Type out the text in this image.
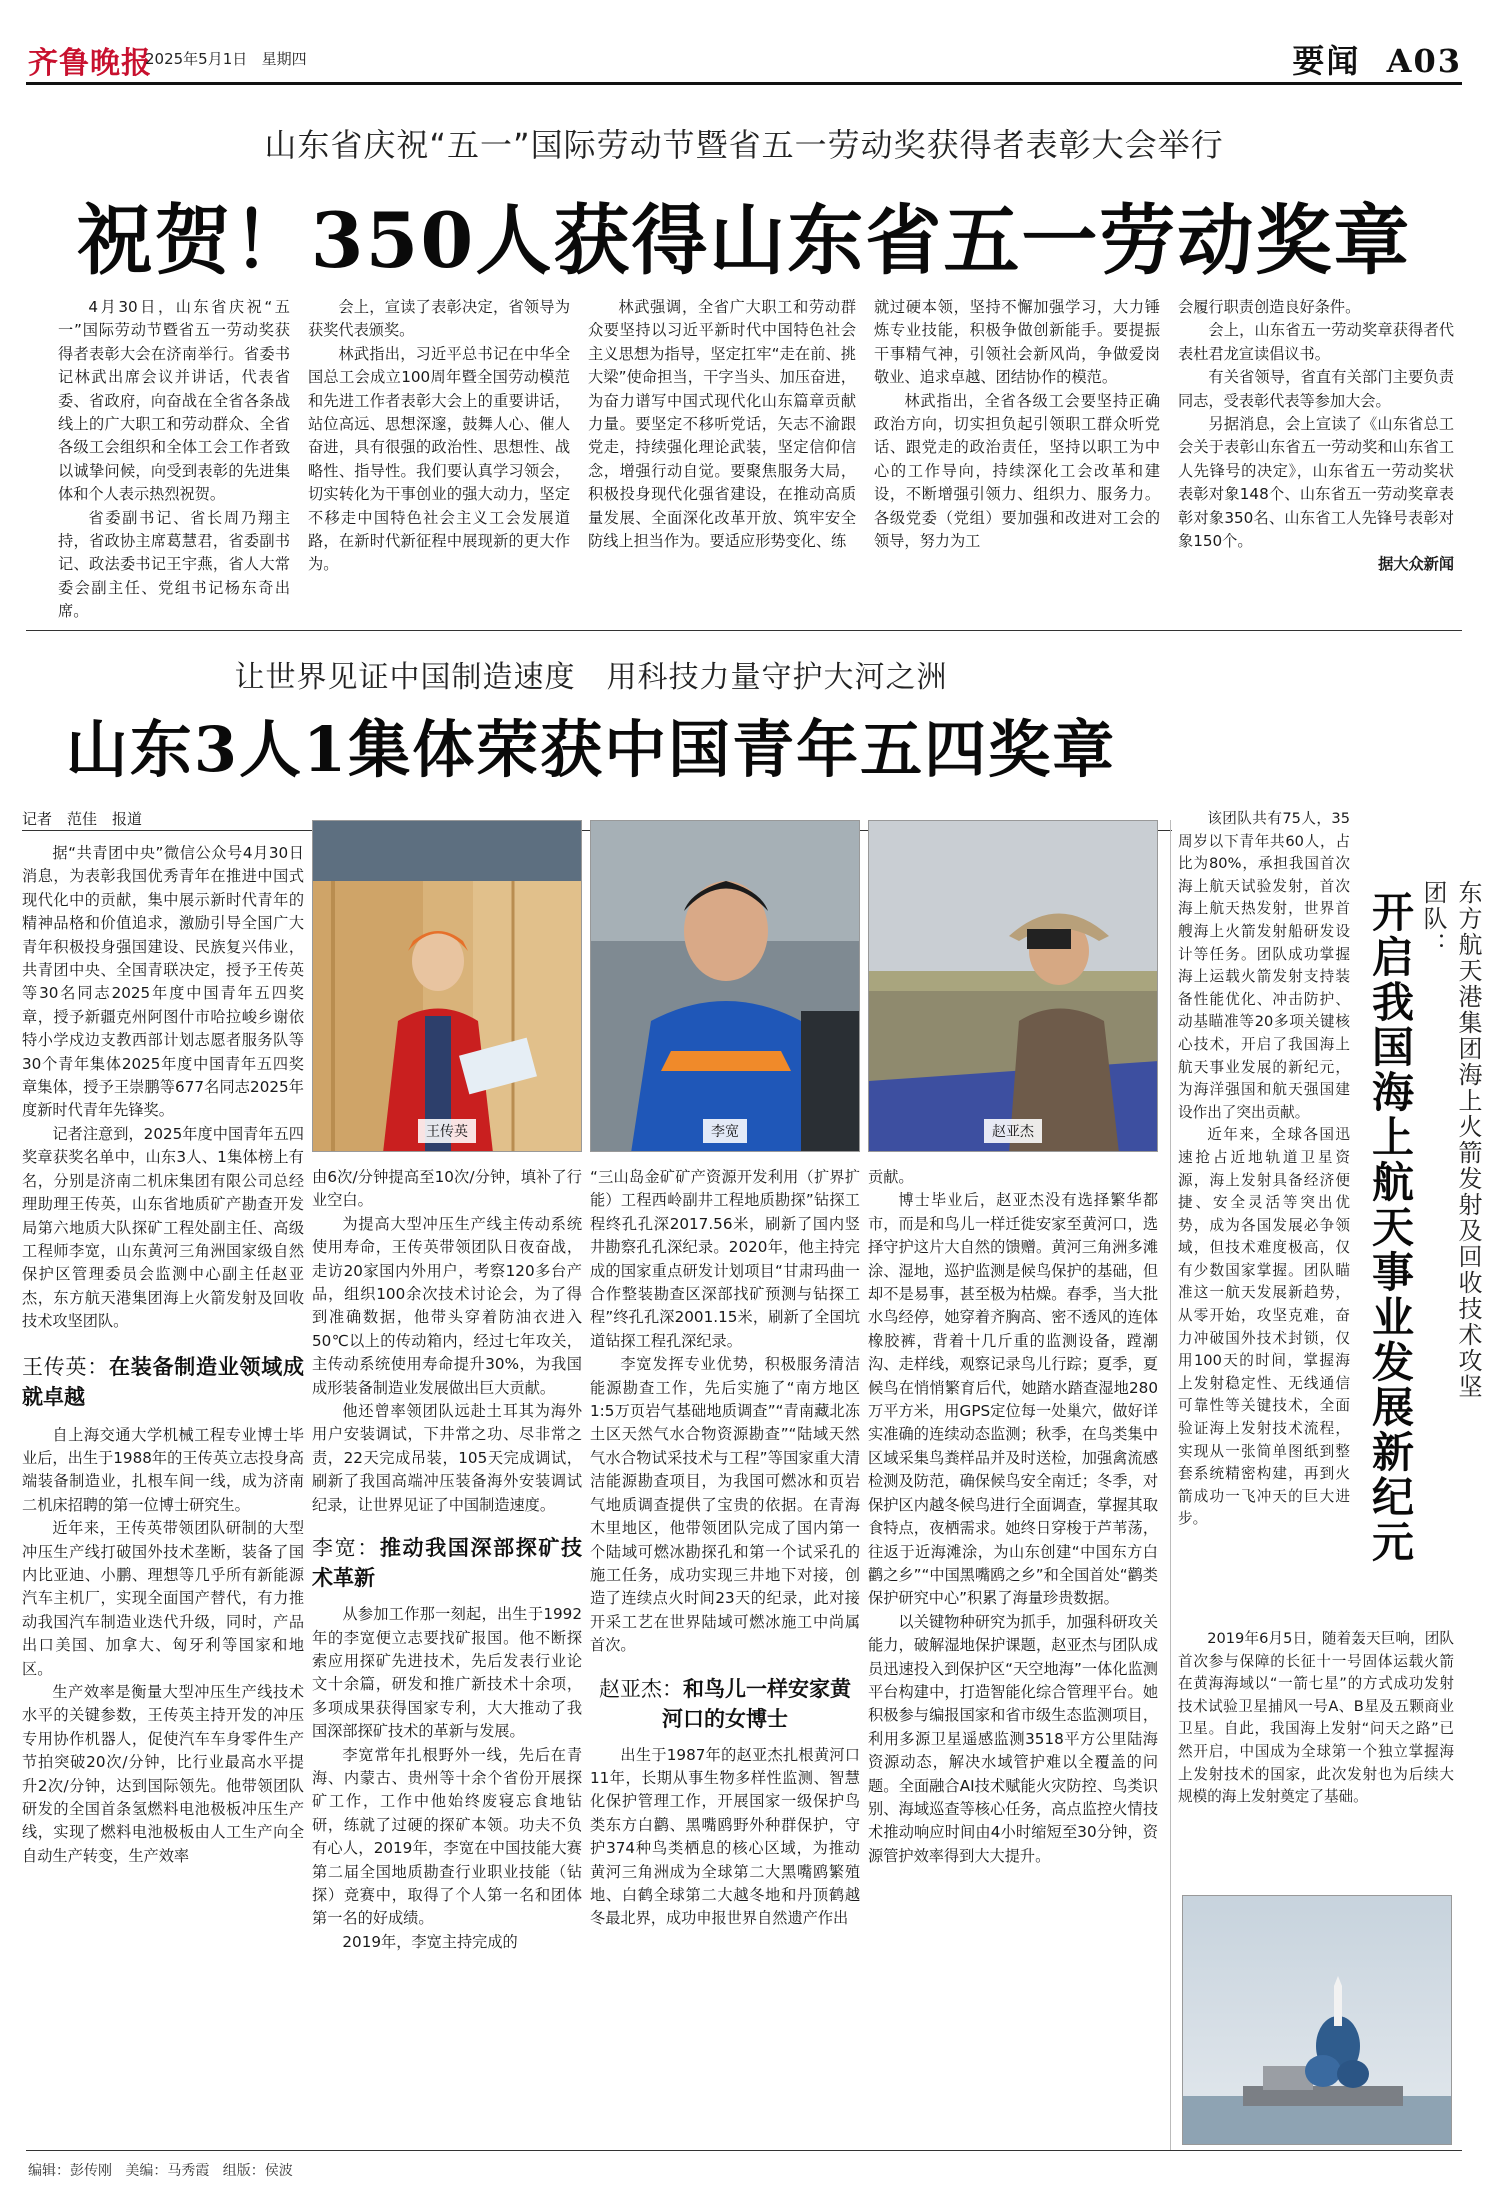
齐鲁晚报
2025年5月1日 星期四	要闻 A03
山东省庆祝“五一”国际劳动节暨省五一劳动奖获得者表彰大会举行
祝贺！350人获得山东省五一劳动奖章

4月30日，山东省庆祝“五一”国际劳动节暨省五一劳动奖获得者表彰大会在济南举行。省委书记林武出席会议并讲话，代表省委、省政府，向奋战在全省各条战线上的广大职工和劳动群众、全省各级工会组织和全体工会工作者致以诚挚问候，向受到表彰的先进集体和个人表示热烈祝贺。

省委副书记、省长周乃翔主持，省政协主席葛慧君，省委副书记、政法委书记王宇燕，省人大常委会副主任、党组书记杨东奇出席。

会上，宣读了表彰决定，省领导为获奖代表颁奖。

林武指出，习近平总书记在中华全国总工会成立100周年暨全国劳动模范和先进工作者表彰大会上的重要讲话，站位高远、思想深邃，鼓舞人心、催人奋进，具有很强的政治性、思想性、战略性、指导性。我们要认真学习领会，切实转化为干事创业的强大动力，坚定不移走中国特色社会主义工会发展道路，在新时代新征程中展现新的更大作为。

林武强调，全省广大职工和劳动群众要坚持以习近平新时代中国特色社会主义思想为指导，坚定扛牢“走在前、挑大梁”使命担当，干字当头、加压奋进，为奋力谱写中国式现代化山东篇章贡献力量。要坚定不移听党话，矢志不渝跟党走，持续强化理论武装，坚定信仰信念，增强行动自觉。要聚焦服务大局，积极投身现代化强省建设，在推动高质量发展、全面深化改革开放、筑牢安全防线上担当作为。要适应形势变化、练

就过硬本领，坚持不懈加强学习，大力锤炼专业技能，积极争做创新能手。要提振干事精气神，引领社会新风尚，争做爱岗敬业、追求卓越、团结协作的模范。

林武指出，全省各级工会要坚持正确政治方向，切实担负起引领职工群众听党话、跟党走的政治责任，坚持以职工为中心的工作导向，持续深化工会改革和建设，不断增强引领力、组织力、服务力。各级党委（党组）要加强和改进对工会的领导，努力为工

会履行职责创造良好条件。

会上，山东省五一劳动奖章获得者代表杜君龙宣读倡议书。

有关省领导，省直有关部门主要负责同志，受表彰代表等参加大会。

另据消息，会上宣读了《山东省总工会关于表彰山东省五一劳动奖和山东省工人先锋号的决定》，山东省五一劳动奖状表彰对象148个、山东省五一劳动奖章表彰对象350名、山东省工人先锋号表彰对象150个。

据大众新闻

让世界见证中国制造速度　用科技力量守护大河之洲
山东3人1集体荣获中国青年五四奖章
记者　范佳　报道

据“共青团中央”微信公众号4月30日消息，为表彰我国优秀青年在推进中国式现代化中的贡献，集中展示新时代青年的精神品格和价值追求，激励引导全国广大青年积极投身强国建设、民族复兴伟业，共青团中央、全国青联决定，授予王传英等30名同志2025年度中国青年五四奖章，授予新疆克州阿图什市哈拉峻乡谢依特小学戍边支教西部计划志愿者服务队等30个青年集体2025年度中国青年五四奖章集体，授予王崇鹏等677名同志2025年度新时代青年先锋奖。

记者注意到，2025年度中国青年五四奖章获奖名单中，山东3人、1集体榜上有名，分别是济南二机床集团有限公司总经理助理王传英，山东省地质矿产勘查开发局第六地质大队探矿工程处副主任、高级工程师李宽，山东黄河三角洲国家级自然保护区管理委员会监测中心副主任赵亚杰，东方航天港集团海上火箭发射及回收技术攻坚团队。

王传英：在装备制造业领域成就卓越

自上海交通大学机械工程专业博士毕业后，出生于1988年的王传英立志投身高端装备制造业，扎根车间一线，成为济南二机床招聘的第一位博士研究生。

近年来，王传英带领团队研制的大型冲压生产线打破国外技术垄断，装备了国内比亚迪、小鹏、理想等几乎所有新能源汽车主机厂，实现全面国产替代，有力推动我国汽车制造业迭代升级，同时，产品出口美国、加拿大、匈牙利等国家和地区。

生产效率是衡量大型冲压生产线技术水平的关键参数，王传英主持开发的冲压专用协作机器人，促使汽车车身零件生产节拍突破20次/分钟，比行业最高水平提升2次/分钟，达到国际领先。他带领团队研发的全国首条氢燃料电池极板冲压生产线，实现了燃料电池极板由人工生产向全自动生产转变，生产效率

王传英	李宽	赵亚杰

由6次/分钟提高至10次/分钟，填补了行业空白。

为提高大型冲压生产线主传动系统使用寿命，王传英带领团队日夜奋战，走访20家国内外用户，考察120多台产品，组织100余次技术讨论会，为了得到准确数据，他带头穿着防油衣进入50℃以上的传动箱内，经过七年攻关，主传动系统使用寿命提升30%，为我国成形装备制造业发展做出巨大贡献。

他还曾率领团队远赴土耳其为海外用户安装调试，下井常之功、尽非常之责，22天完成吊装，105天完成调试，刷新了我国高端冲压装备海外安装调试纪录，让世界见证了中国制造速度。

李宽：推动我国深部探矿技术革新

从参加工作那一刻起，出生于1992年的李宽便立志要找矿报国。他不断探索应用探矿先进技术，先后发表行业论文十余篇，研发和推广新技术十余项，多项成果获得国家专利，大大推动了我国深部探矿技术的革新与发展。

李宽常年扎根野外一线，先后在青海、内蒙古、贵州等十余个省份开展探矿工作，工作中他始终废寝忘食地钻研，练就了过硬的探矿本领。功夫不负有心人，2019年，李宽在中国技能大赛第二届全国地质勘查行业职业技能（钻探）竞赛中，取得了个人第一名和团体第一名的好成绩。

2019年，李宽主持完成的

“三山岛金矿矿产资源开发利用（扩界扩能）工程西岭副井工程地质勘探”钻探工程终孔孔深2017.56米，刷新了国内竖井勘察孔孔深纪录。2020年，他主持完成的国家重点研发计划项目“甘肃玛曲一合作整装勘查区深部找矿预测与钻探工程”终孔孔深2001.15米，刷新了全国坑道钻探工程孔深纪录。

李宽发挥专业优势，积极服务清洁能源勘查工作，先后实施了“南方地区1:5万页岩气基础地质调查”“青南藏北冻土区天然气水合物资源勘查”“陆域天然气水合物试采技术与工程”等国家重大清洁能源勘查项目，为我国可燃冰和页岩气地质调查提供了宝贵的依据。在青海木里地区，他带领团队完成了国内第一个陆域可燃冰勘探孔和第一个试采孔的施工任务，成功实现三井地下对接，创造了连续点火时间23天的纪录，此对接开采工艺在世界陆域可燃冰施工中尚属首次。

赵亚杰：和鸟儿一样安家黄河口的女博士

出生于1987年的赵亚杰扎根黄河口11年，长期从事生物多样性监测、智慧化保护管理工作，开展国家一级保护鸟类东方白鹳、黑嘴鸥野外种群保护，守护374种鸟类栖息的核心区域，为推动黄河三角洲成为全球第二大黑嘴鸥繁殖地、白鹤全球第二大越冬地和丹顶鹤越冬最北界，成功申报世界自然遗产作出

贡献。

博士毕业后，赵亚杰没有选择繁华都市，而是和鸟儿一样迁徙安家至黄河口，选择守护这片大自然的馈赠。黄河三角洲多滩涂、湿地，巡护监测是候鸟保护的基础，但却不是易事，甚至极为枯燥。春季，当大批水鸟经停，她穿着齐胸高、密不透风的连体橡胶裤，背着十几斤重的监测设备，蹚潮沟、走样线，观察记录鸟儿行踪；夏季，夏候鸟在悄悄繁育后代，她踏水踏查湿地280万平方米，用GPS定位每一处巢穴，做好详实准确的连续动态监测；秋季，在鸟类集中区域采集鸟粪样品并及时送检，加强禽流感检测及防范，确保候鸟安全南迁；冬季，对保护区内越冬候鸟进行全面调查，掌握其取食特点，夜栖需求。她终日穿梭于芦苇荡，往返于近海滩涂，为山东创建“中国东方白鹳之乡”“中国黑嘴鸥之乡”和全国首处“鹳类保护研究中心”积累了海量珍贵数据。

以关键物种研究为抓手，加强科研攻关能力，破解湿地保护课题，赵亚杰与团队成员迅速投入到保护区“天空地海”一体化监测平台构建中，打造智能化综合管理平台。她积极参与编报国家和省市级生态监测项目，利用多源卫星遥感监测3518平方公里陆海资源动态，解决水域管护难以全覆盖的问题。全面融合AI技术赋能火灾防控、鸟类识别、海域巡查等核心任务，高点监控火情技术推动响应时间由4小时缩短至30分钟，资源管护效率得到大大提升。

东方航天港集团海上火箭发射及回收技术攻坚团队：
开启我国海上航天事业发展新纪元

该团队共有75人，35周岁以下青年共60人，占比为80%，承担我国首次海上航天试验发射，首次海上航天热发射，世界首艘海上火箭发射船研发设计等任务。团队成功掌握海上运载火箭发射支持装备性能优化、冲击防护、动基瞄准等20多项关键核心技术，开启了我国海上航天事业发展的新纪元，为海洋强国和航天强国建设作出了突出贡献。

近年来，全球各国迅速抢占近地轨道卫星资源，海上发射具备经济便捷、安全灵活等突出优势，成为各国发展必争领域，但技术难度极高，仅有少数国家掌握。团队瞄准这一航天发展新趋势，从零开始，攻坚克难，奋力冲破国外技术封锁，仅用100天的时间，掌握海上发射稳定性、无线通信可靠性等关键技术，全面验证海上发射技术流程，实现从一张简单图纸到整套系统精密构建，再到火箭成功一飞冲天的巨大进步。

2019年6月5日，随着轰天巨响，团队首次参与保障的长征十一号固体运载火箭在黄海海域以“一箭七星”的方式成功发射技术试验卫星捕风一号A、B星及五颗商业卫星。自此，我国海上发射“问天之路”已然开启，中国成为全球第一个独立掌握海上发射技术的国家，此次发射也为后续大规模的海上发射奠定了基础。

编辑：彭传刚 美编：马秀霞 组版：侯波
